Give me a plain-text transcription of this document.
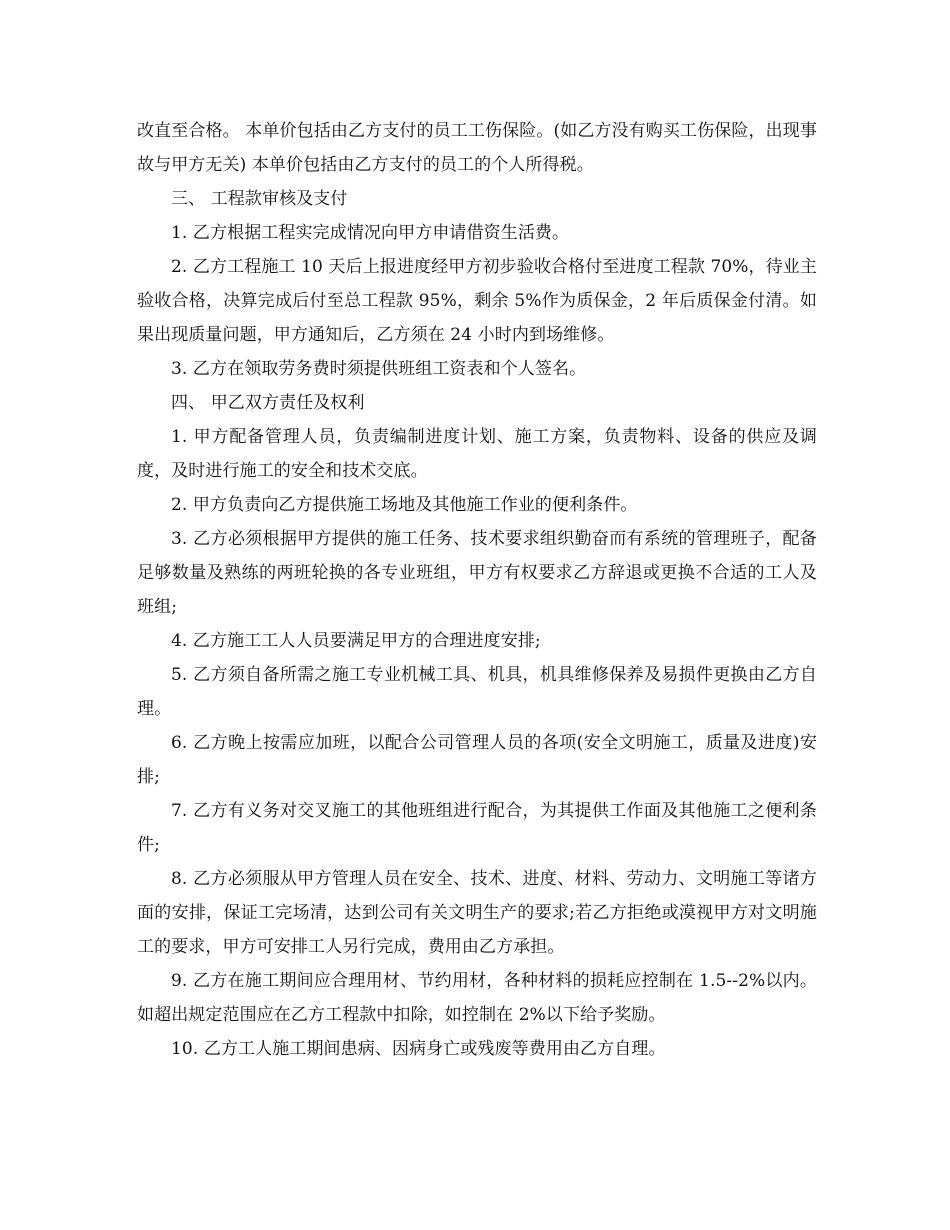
改直至合格。 本单价包括由乙方支付的员工工伤保险。(如乙方没有购买工伤保险，出现事故与甲方无关) 本单价包括由乙方支付的员工的个人所得税。

三、 工程款审核及支付

1. 乙方根据工程实完成情况向甲方申请借资生活费。

2. 乙方工程施工 10 天后上报进度经甲方初步验收合格付至进度工程款 70%，待业主验收合格，决算完成后付至总工程款 95%，剩余 5%作为质保金，2 年后质保金付清。如果出现质量问题，甲方通知后，乙方须在 24 小时内到场维修。

3. 乙方在领取劳务费时须提供班组工资表和个人签名。

四、 甲乙双方责任及权利

1. 甲方配备管理人员，负责编制进度计划、施工方案，负责物料、设备的供应及调度，及时进行施工的安全和技术交底。

2. 甲方负责向乙方提供施工场地及其他施工作业的便利条件。

3. 乙方必须根据甲方提供的施工任务、技术要求组织勤奋而有系统的管理班子，配备足够数量及熟练的两班轮换的各专业班组，甲方有权要求乙方辞退或更换不合适的工人及班组;

4. 乙方施工工人人员要满足甲方的合理进度安排;

5. 乙方须自备所需之施工专业机械工具、机具，机具维修保养及易损件更换由乙方自理。

6. 乙方晚上按需应加班，以配合公司管理人员的各项(安全文明施工，质量及进度)安排;

7. 乙方有义务对交叉施工的其他班组进行配合，为其提供工作面及其他施工之便利条件;

8. 乙方必须服从甲方管理人员在安全、技术、进度、材料、劳动力、文明施工等诸方面的安排，保证工完场清，达到公司有关文明生产的要求;若乙方拒绝或漠视甲方对文明施工的要求，甲方可安排工人另行完成，费用由乙方承担。

9. 乙方在施工期间应合理用材、节约用材，各种材料的损耗应控制在 1.5--2%以内。如超出规定范围应在乙方工程款中扣除，如控制在 2%以下给予奖励。

10. 乙方工人施工期间患病、因病身亡或残废等费用由乙方自理。
